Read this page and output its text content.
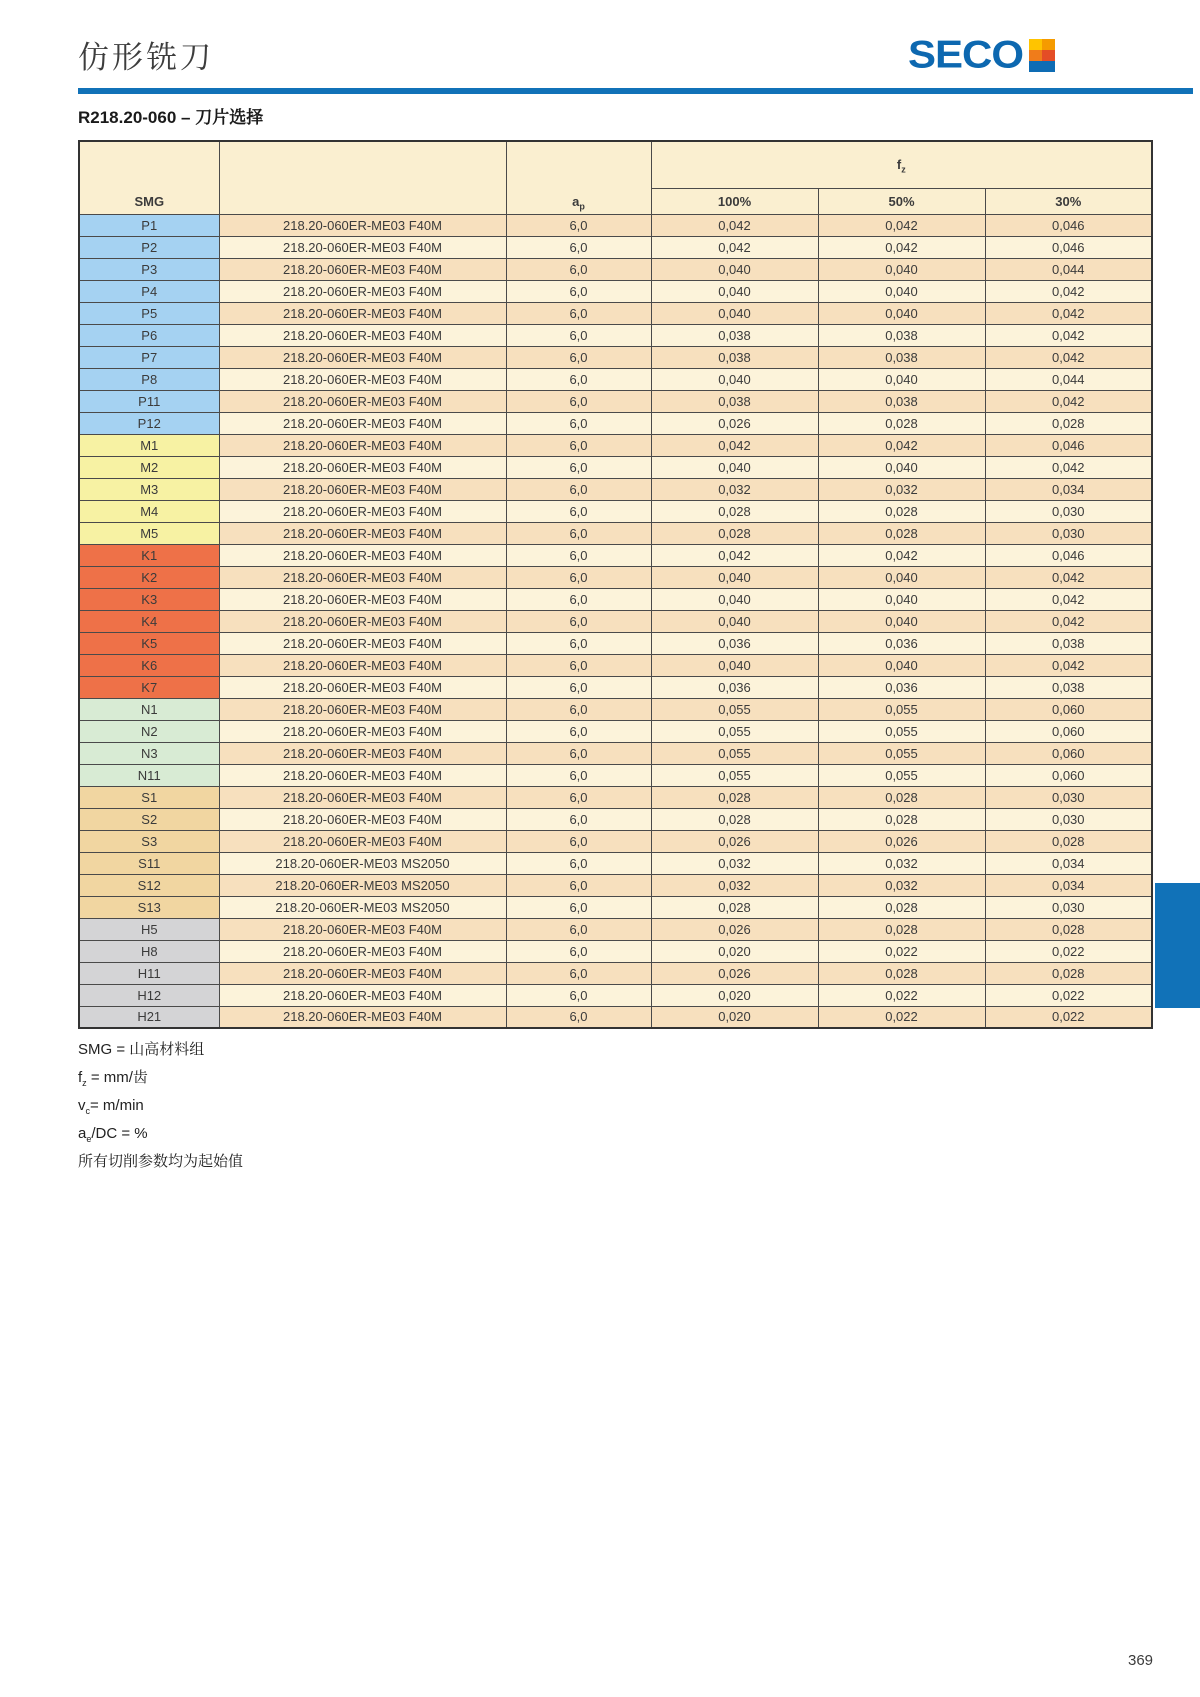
仿形铣刀	SECO
R218.20-060 – 刀片选择
SMG		$a_p$	$f_z$
			100%	50%	30%
P1	218.20-060ER-ME03 F40M	6,0	0,042	0,042	0,046
P2	218.20-060ER-ME03 F40M	6,0	0,042	0,042	0,046
P3	218.20-060ER-ME03 F40M	6,0	0,040	0,040	0,044
P4	218.20-060ER-ME03 F40M	6,0	0,040	0,040	0,042
P5	218.20-060ER-ME03 F40M	6,0	0,040	0,040	0,042
P6	218.20-060ER-ME03 F40M	6,0	0,038	0,038	0,042
P7	218.20-060ER-ME03 F40M	6,0	0,038	0,038	0,042
P8	218.20-060ER-ME03 F40M	6,0	0,040	0,040	0,044
P11	218.20-060ER-ME03 F40M	6,0	0,038	0,038	0,042
P12	218.20-060ER-ME03 F40M	6,0	0,026	0,028	0,028
M1	218.20-060ER-ME03 F40M	6,0	0,042	0,042	0,046
M2	218.20-060ER-ME03 F40M	6,0	0,040	0,040	0,042
M3	218.20-060ER-ME03 F40M	6,0	0,032	0,032	0,034
M4	218.20-060ER-ME03 F40M	6,0	0,028	0,028	0,030
M5	218.20-060ER-ME03 F40M	6,0	0,028	0,028	0,030
K1	218.20-060ER-ME03 F40M	6,0	0,042	0,042	0,046
K2	218.20-060ER-ME03 F40M	6,0	0,040	0,040	0,042
K3	218.20-060ER-ME03 F40M	6,0	0,040	0,040	0,042
K4	218.20-060ER-ME03 F40M	6,0	0,040	0,040	0,042
K5	218.20-060ER-ME03 F40M	6,0	0,036	0,036	0,038
K6	218.20-060ER-ME03 F40M	6,0	0,040	0,040	0,042
K7	218.20-060ER-ME03 F40M	6,0	0,036	0,036	0,038
N1	218.20-060ER-ME03 F40M	6,0	0,055	0,055	0,060
N2	218.20-060ER-ME03 F40M	6,0	0,055	0,055	0,060
N3	218.20-060ER-ME03 F40M	6,0	0,055	0,055	0,060
N11	218.20-060ER-ME03 F40M	6,0	0,055	0,055	0,060
S1	218.20-060ER-ME03 F40M	6,0	0,028	0,028	0,030
S2	218.20-060ER-ME03 F40M	6,0	0,028	0,028	0,030
S3	218.20-060ER-ME03 F40M	6,0	0,026	0,026	0,028
S11	218.20-060ER-ME03 MS2050	6,0	0,032	0,032	0,034
S12	218.20-060ER-ME03 MS2050	6,0	0,032	0,032	0,034
S13	218.20-060ER-ME03 MS2050	6,0	0,028	0,028	0,030
H5	218.20-060ER-ME03 F40M	6,0	0,026	0,028	0,028
H8	218.20-060ER-ME03 F40M	6,0	0,020	0,022	0,022
H11	218.20-060ER-ME03 F40M	6,0	0,026	0,028	0,028
H12	218.20-060ER-ME03 F40M	6,0	0,020	0,022	0,022
H21	218.20-060ER-ME03 F40M	6,0	0,020	0,022	0,022
SMG = 山高材料组
$f_z = mm/$齿
$v_c= m/\min$
$a_e/DC$ = %
所有切削参数均为起始值
369
